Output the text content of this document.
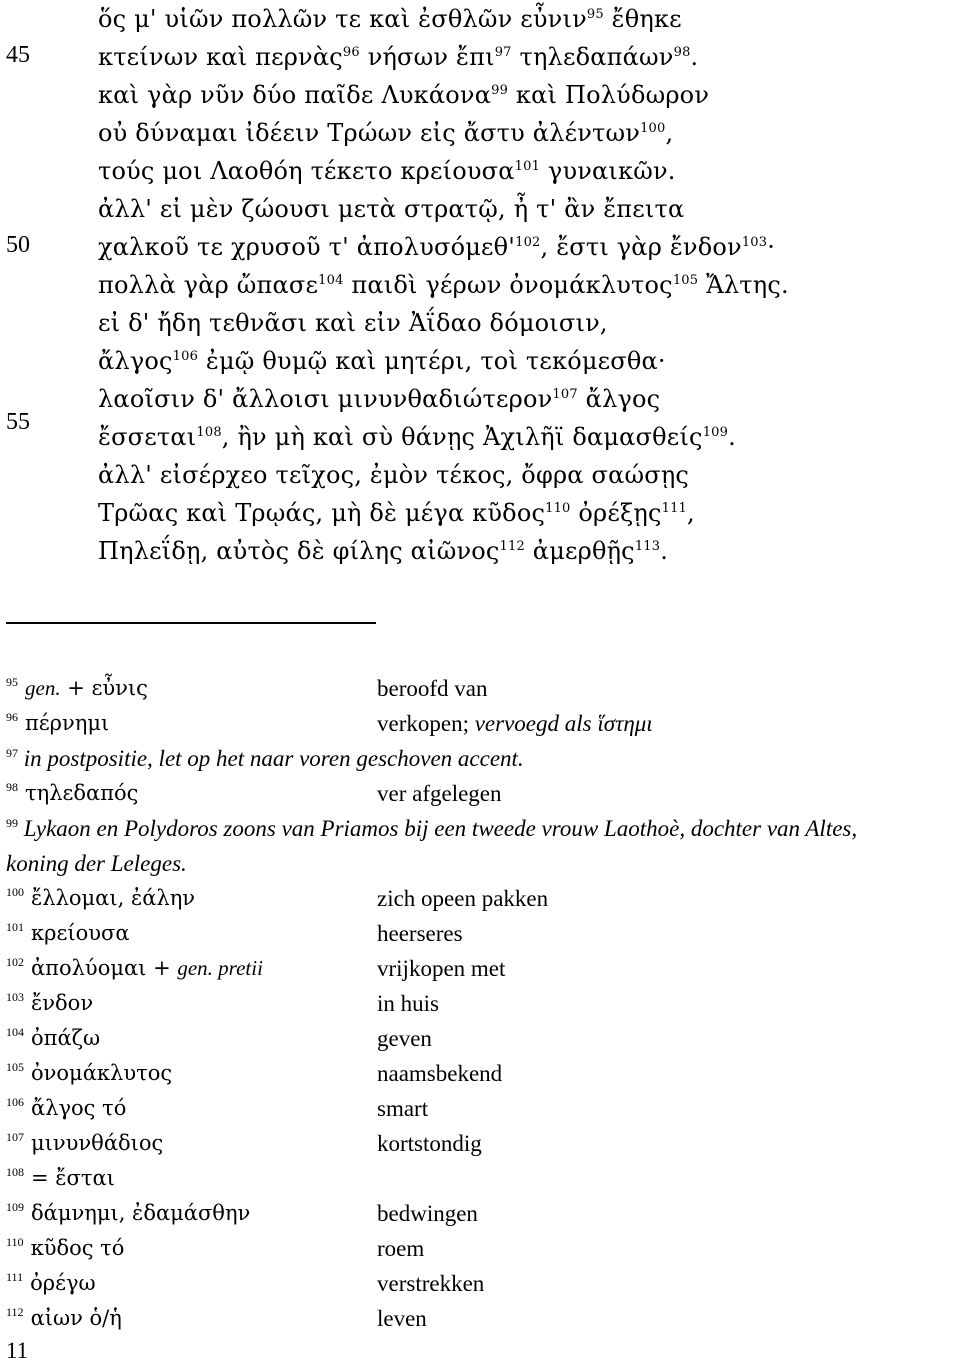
45
50
55
ὅς μ' υἱῶν πολλῶν τε καὶ ἐσθλῶν εὖνιν$^{95}$ ἔθηκε
κτείνων καὶ περνὰς$^{96}$ νήσων ἔπι$^{97}$ τηλεδαπάων$^{98}$.
καὶ γὰρ νῦν δύο παῖδε Λυκάονα$^{99}$ καὶ Πολύδωρον
οὐ δύναμαι ἰδέειν Τρώων εἰς ἄστυ ἀλέντων$^{100}$,
τούς μοι Λαοθόη τέκετο κρείουσα$^{101}$ γυναικῶν.
ἀλλ' εἰ μὲν ζώουσι μετὰ στρατῷ, ἦ τ' ἂν ἔπειτα
χαλκοῦ τε χρυσοῦ τ' $ἀ\pi o\lambda\upsilon\sigma ό\mu\varepsilon\theta'^{102}$, ἔστι γὰρ ἔνδον$^{103}$·
πολλὰ γὰρ ὤπασε$^{104}$ παιδὶ γέρων ὀνομάκλυτος$^{105}$ Ἄλτης.
εἰ δ' ἤδη τεθνᾶσι καὶ εἰν Ἀΐδαο δόμοισιν,
ἄλγος$^{106}$ ἐμῷ θυμῷ καὶ μητέρι, τοὶ τεκόμεσθα·
λαοῖσιν δ' ἄλλοισι μινυνθαδιώτερον$^{107}$ ἄλγος
ἔσσεται$^{108}$, ἢν μὴ καὶ σὺ θάνῃς Ἀχιλῆϊ δαμασθείς$^{109}$.
ἀλλ' εἰσέρχεο τεῖχος, ἐμὸν τέκος, ὄφρα σαώσῃς
Τρῶας καὶ Τρῳάς, μὴ δὲ μέγα κῦδος$^{110}$ ὀρέξῃς$^{111}$,
Πηλεΐδῃ, αὐτὸς δὲ φίλης αἰῶνος$^{112}$ ἀμερθῇς$^{113}$.
$^{95}$ gen. + εὖνις	beroofd van
$^{96}$ πέρνημι	verkopen; vervoegd als ἵστημι
$^{97}$ in postpositie, let op het naar voren geschoven accent.
$^{98}$ τηλεδαπός	ver afgelegen
$^{99}$ Lykaon en Polydoros zoons van Priamos bij een tweede vrouw Laothoè, dochter van Altes,
koning der Leleges.
$^{100}$ ἔλλομαι, ἐάλην	zich opeen pakken
$^{101}$ κρείουσα	heerseres
$^{102}$ ἀπολύομαι + gen. pretii	vrijkopen met
$^{103}$ ἔνδον	in huis
$^{104}$ ὀπάζω	geven
$^{105}$ ὀνομάκλυτος	naamsbekend
$^{106}$ ἄλγος τό	smart
$^{107}$ μινυνθάδιος	kortstondig
$^{108}$ = ἔσται
$^{109}$ δάμνημι, ἐδαμάσθην	bedwingen
$^{110}$ κῦδος τό	roem
$^{111}$ ὀρέγω	verstrekken
$^{112}$ αἰων ὁ/ἡ	leven
11
